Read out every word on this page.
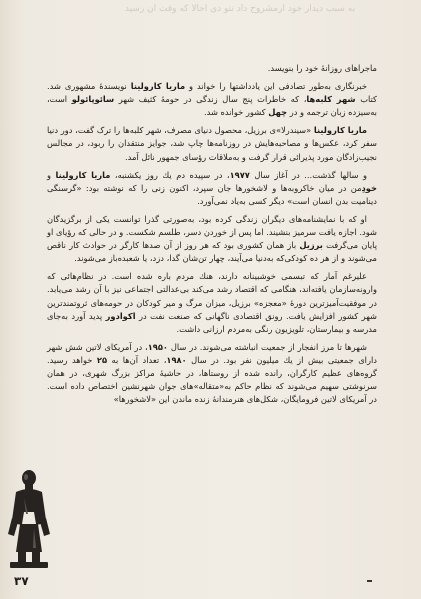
به سبب دیدار خود ارمشروح داد نتو دی احالا که وقت آن رسید

ماجراهای روزانهٔ خود را بنویسد.

خبرنگاری به‌طور تصادفی این یادداشتها را خواند و ماریا کارولینا نویسندهٔ مشهوری شد. کتاب شهر کلبه‌ها، که خاطرات پنج سال زندگی در حومهٔ کثیف شهر سائوپائولو است، به‌سیزده زبان ترجمه و در چهل کشور خوانده شد.

ماریا کارولینا «سیندرلا»ی برزیل، محصول دنیای مصرف، شهر کلبه‌ها را ترک گفت، دور دنیا سفر کرد، عکس‌ها و مصاحبه‌هایش در روزنامه‌ها چاپ شد، جوایز منتقدان را ربود، در مجالس نجیب‌زادگان مورد پذیرائی قرار گرفت و به‌ملاقات رؤسای جمهور نائل آمد.

و سالها گذشت... در آغاز سال ۱۹۷۷، در سپیده دم یك روز یکشنبه، ماریا کارولینا و خودِمن در میان خاکروبه‌ها و لاشخورها جان سپرد، اکنون زنی را که نوشته بود: «گرسنگی دینامیت بدن انسان است» دیگر کسی به‌یاد نمی‌آورد.

او که با نمایشنامه‌های دیگران زندگی کرده بود، به‌صورتی گذرا توانست یکی از برگزیدگان شود. اجازه یافت سرمیز بنشیند. اما پس از خوردن دسر، طلسم شکست. و در حالی که رؤیای او پایان می‌گرفت برزیل باز همان کشوری بود که هر روز از آن صدها کارگر در حوادث کار ناقص می‌شوند و از هر ده کودکی‌که به‌دنیا می‌آیند، چهار تن‌شان گدا، دزد، یا شعبده‌باز می‌شوند.

علیرغم آمار که تبسمی خوشبینانه دارند، هنك مردم باره شده است. در نظام‌هائی که وارونه‌سازمان یافته‌اند، هنگامی که اقتصاد رشد می‌کند بی‌عدالتی اجتماعی نیز با آن رشد می‌یابد. در موفقیت‌آمیزترین دورهٔ «معجزه» برزیل، میزان مرگ و میر کودکان در حومه‌های ثروتمندترین شهر کشور افزایش یافت. رونق اقتصادی ناگهانی که صنعت نفت در اکوادور پدید آورد به‌جای مدرسه و بیمارستان، تلویزیون رنگی به‌مردم ارزانی داشت.

شهرها تا مرز انفجار از جمعیت انباشته می‌شوند. در سال ۱۹۵۰، در آمریکای لاتین شش شهر دارای جمعیتی بیش از یك میلیون نفر بود. در سال ۱۹۸۰، تعداد آن‌ها به ۲۵ خواهد رسید. گروه‌های عظیم کارگران، رانده شده از روستاها، در حاشیهٔ مراکز بزرگ شهری، در همان سرنوشتی سهیم می‌شوند که نظام حاکم به«متقاله»های جوان شهرنشین اختصاص داده است. در آمریکای لاتین فرومایگان، شکل‌های هنرمندانهٔ زنده ماندن این «لاشخورها»

۳۷
